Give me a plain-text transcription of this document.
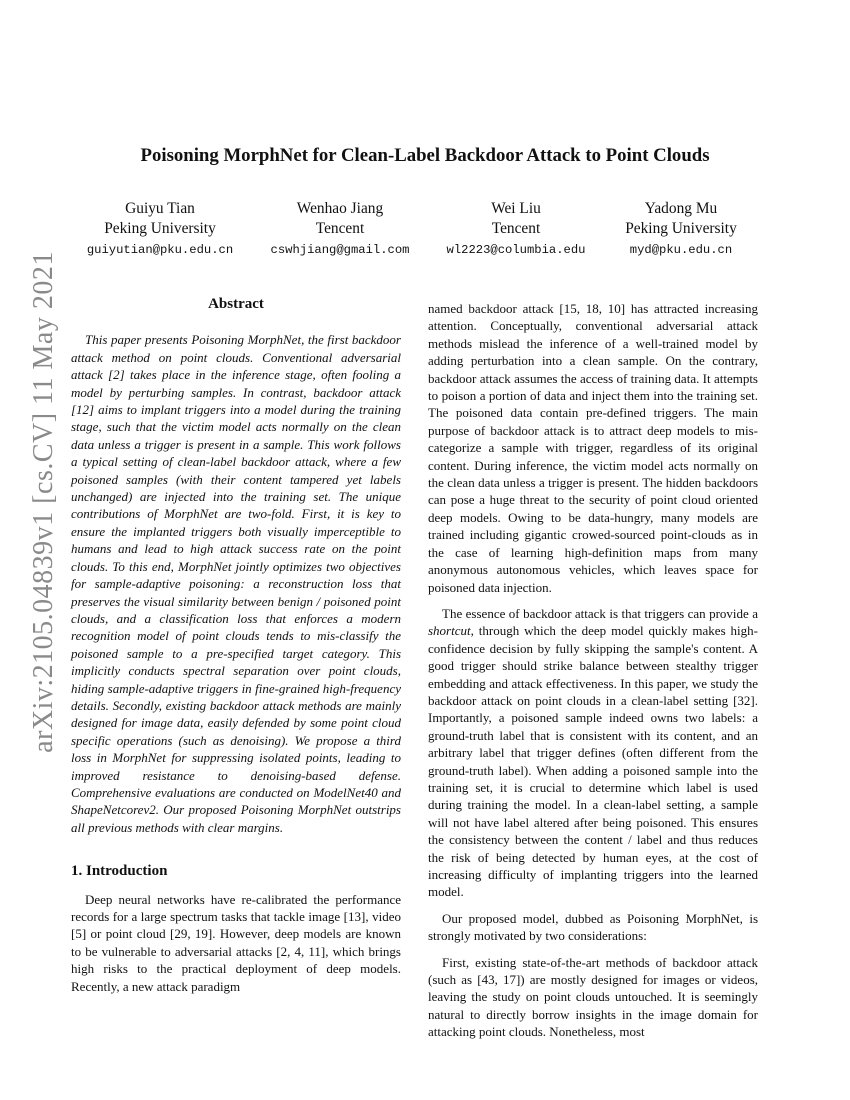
arXiv:2105.04839v1 [cs.CV] 11 May 2021
Poisoning MorphNet for Clean-Label Backdoor Attack to Point Clouds
Guiyu Tian
Peking University
guiyutian@pku.edu.cn
Wenhao Jiang
Tencent
cswhjiang@gmail.com
Wei Liu
Tencent
wl2223@columbia.edu
Yadong Mu
Peking University
myd@pku.edu.cn
Abstract

This paper presents Poisoning MorphNet, the first backdoor attack method on point clouds. Conventional adversarial attack [2] takes place in the inference stage, often fooling a model by perturbing samples. In contrast, backdoor attack [12] aims to implant triggers into a model during the training stage, such that the victim model acts normally on the clean data unless a trigger is present in a sample. This work follows a typical setting of clean-label backdoor attack, where a few poisoned samples (with their content tampered yet labels unchanged) are injected into the training set. The unique contributions of MorphNet are two-fold. First, it is key to ensure the implanted triggers both visually imperceptible to humans and lead to high attack success rate on the point clouds. To this end, MorphNet jointly optimizes two objectives for sample-adaptive poisoning: a reconstruction loss that preserves the visual similarity between benign / poisoned point clouds, and a classification loss that enforces a modern recognition model of point clouds tends to mis-classify the poisoned sample to a pre-specified target category. This implicitly conducts spectral separation over point clouds, hiding sample-adaptive triggers in fine-grained high-frequency details. Secondly, existing backdoor attack methods are mainly designed for image data, easily defended by some point cloud specific operations (such as denoising). We propose a third loss in MorphNet for suppressing isolated points, leading to improved resistance to denoising-based defense. Comprehensive evaluations are conducted on ModelNet40 and ShapeNetcorev2. Our proposed Poisoning MorphNet outstrips all previous methods with clear margins.

1. Introduction

Deep neural networks have re-calibrated the performance records for a large spectrum tasks that tackle image [13], video [5] or point cloud [29, 19]. However, deep models are known to be vulnerable to adversarial attacks [2, 4, 11], which brings high risks to the practical deployment of deep models. Recently, a new attack paradigm

named backdoor attack [15, 18, 10] has attracted increasing attention. Conceptually, conventional adversarial attack methods mislead the inference of a well-trained model by adding perturbation into a clean sample. On the contrary, backdoor attack assumes the access of training data. It attempts to poison a portion of data and inject them into the training set. The poisoned data contain pre-defined triggers. The main purpose of backdoor attack is to attract deep models to mis-categorize a sample with trigger, regardless of its original content. During inference, the victim model acts normally on the clean data unless a trigger is present. The hidden backdoors can pose a huge threat to the security of point cloud oriented deep models. Owing to be data-hungry, many models are trained including gigantic crowed-sourced point-clouds as in the case of learning high-definition maps from many anonymous autonomous vehicles, which leaves space for poisoned data injection.

The essence of backdoor attack is that triggers can provide a shortcut, through which the deep model quickly makes high-confidence decision by fully skipping the sample's content. A good trigger should strike balance between stealthy trigger embedding and attack effectiveness. In this paper, we study the backdoor attack on point clouds in a clean-label setting [32]. Importantly, a poisoned sample indeed owns two labels: a ground-truth label that is consistent with its content, and an arbitrary label that trigger defines (often different from the ground-truth label). When adding a poisoned sample into the training set, it is crucial to determine which label is used during training the model. In a clean-label setting, a sample will not have label altered after being poisoned. This ensures the consistency between the content / label and thus reduces the risk of being detected by human eyes, at the cost of increasing difficulty of implanting triggers into the learned model.

Our proposed model, dubbed as Poisoning MorphNet, is strongly motivated by two considerations:

First, existing state-of-the-art methods of backdoor attack (such as [43, 17]) are mostly designed for images or videos, leaving the study on point clouds untouched. It is seemingly natural to directly borrow insights in the image domain for attacking point clouds. Nonetheless, most
